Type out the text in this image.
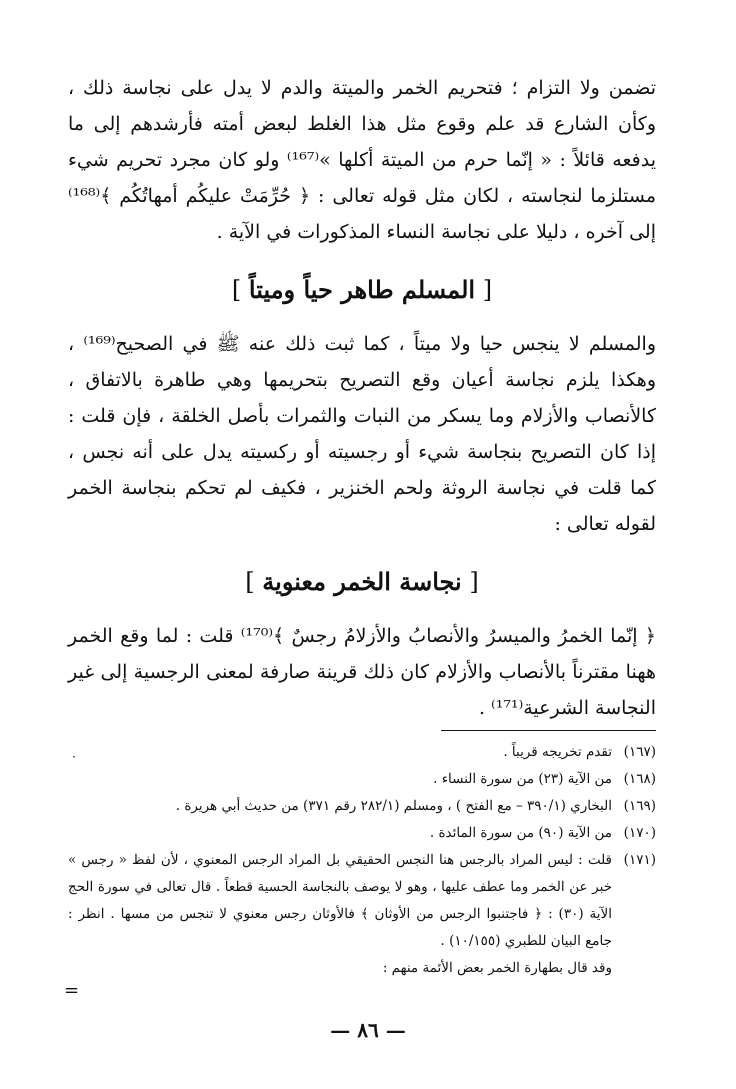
تضمن ولا التزام ؛ فتحريم الخمر والميتة والدم لا يدل على نجاسة ذلك ، وكأن الشارع قد علم وقوع مثل هذا الغلط لبعض أمته فأرشدهم إلى ما يدفعه قائلاً : « إنّما حرم من الميتة أكلها »⁽¹⁶⁷⁾ ولو كان مجرد تحريم شيء مستلزما لنجاسته ، لكان مثل قوله تعالى : ﴿ حُرِّمَتْ عليكُم أمهاتُكُم ﴾⁽¹⁶⁸⁾ إلى آخره ، دليلا على نجاسة النساء المذكورات في الآية .

[ المسلم طاهر حياً وميتاً ]

والمسلم لا ينجس حيا ولا ميتاً ، كما ثبت ذلك عنه ﷺ في الصحيح⁽¹⁶⁹⁾ ، وهكذا يلزم نجاسة أعيان وقع التصريح بتحريمها وهي طاهرة بالاتفاق ، كالأنصاب والأزلام وما يسكر من النبات والثمرات بأصل الخلقة ، فإن قلت : إذا كان التصريح بنجاسة شيء أو رجسيته أو ركسيته يدل على أنه نجس ، كما قلت في نجاسة الروثة ولحم الخنزير ، فكيف لم تحكم بنجاسة الخمر لقوله تعالى :

[ نجاسة الخمر معنوية ]

﴿ إنّما الخمرُ والميسرُ والأنصابُ والأزلامُ رجسٌ ﴾⁽¹⁷⁰⁾ قلت : لما وقع الخمر ههنا مقترناً بالأنصاب والأزلام كان ذلك قرينة صارفة لمعنى الرجسية إلى غير النجاسة الشرعية⁽¹⁷¹⁾ .

(١٦٧)
تقدم تخريجه قريباً .
(١٦٨)
من الآية (٢٣) من سورة النساء .
(١٦٩)
البخاري (٣٩٠/١ – مع الفتح ) ، ومسلم (٢٨٢/١ رقم ٣٧١) من حديث أبي هريرة .
(١٧٠)
من الآية (٩٠) من سورة المائدة .
(١٧١)
قلت : ليس المراد بالرجس هنا النجس الحقيقي بل المراد الرجس المعنوي ، لأن لفظ « رجس » خبر عن الخمر وما عطف عليها ، وهو لا يوصف بالنجاسة الحسية قطعاً . قال تعالى في سورة الحج الآية (٣٠) : ﴿ فاجتنبوا الرجس من الأوثان ﴾ فالأوثان رجس معنوي لا تنجس من مسها . انظر : جامع البيان للطبري (١٠/١٥٥) .
وقد قال بطهارة الخمر بعض الأئمة منهم :
·
=
— ٨٦ —
